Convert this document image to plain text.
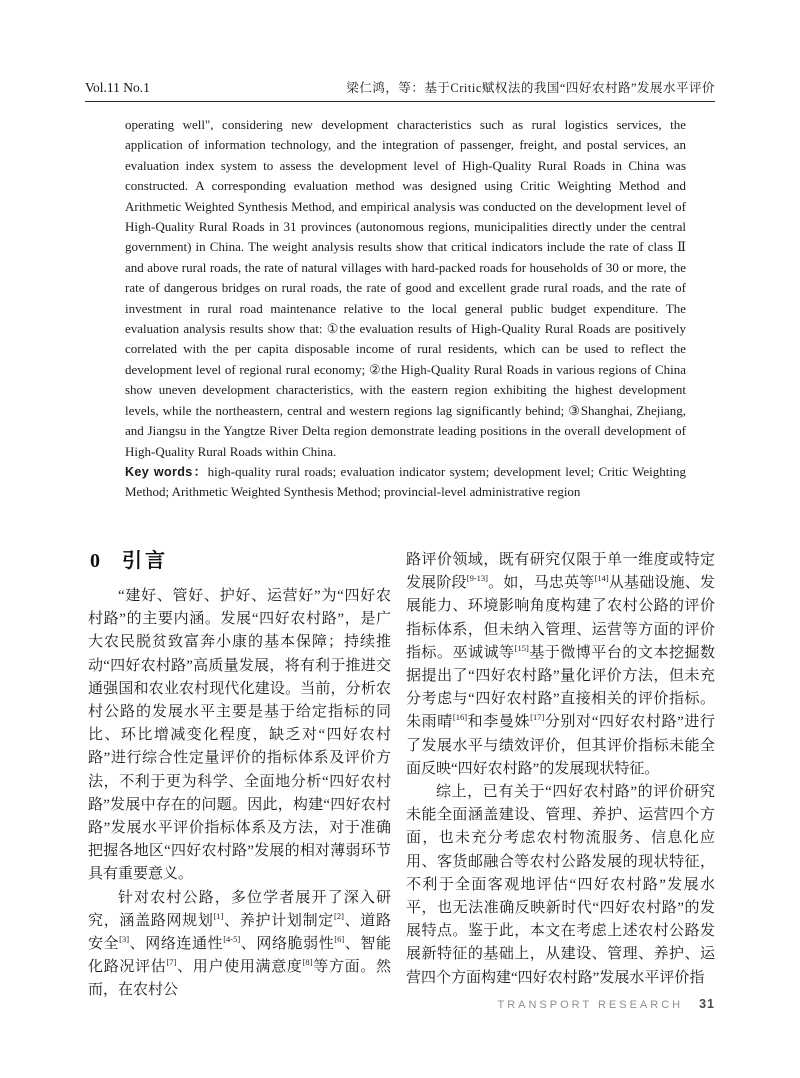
Vol.11 No.1	梁仁鸿，等：基于Critic赋权法的我国“四好农村路”发展水平评价

operating well", considering new development characteristics such as rural logistics services, the application of information technology, and the integration of passenger, freight, and postal services, an evaluation index system to assess the development level of High-Quality Rural Roads in China was constructed. A corresponding evaluation method was designed using Critic Weighting Method and Arithmetic Weighted Synthesis Method, and empirical analysis was conducted on the development level of High-Quality Rural Roads in 31 provinces (autonomous regions, municipalities directly under the central government) in China. The weight analysis results show that critical indicators include the rate of class Ⅱ and above rural roads, the rate of natural villages with hard-packed roads for households of 30 or more, the rate of dangerous bridges on rural roads, the rate of good and excellent grade rural roads, and the rate of investment in rural road maintenance relative to the local general public budget expenditure. The evaluation analysis results show that: ①the evaluation results of High-Quality Rural Roads are positively correlated with the per capita disposable income of rural residents, which can be used to reflect the development level of regional rural economy; ②the High-Quality Rural Roads in various regions of China show uneven development characteristics, with the eastern region exhibiting the highest development levels, while the northeastern, central and western regions lag significantly behind; ③Shanghai, Zhejiang, and Jiangsu in the Yangtze River Delta region demonstrate leading positions in the overall development of High-Quality Rural Roads within China.

Key words：high-quality rural roads; evaluation indicator system; development level; Critic Weighting Method; Arithmetic Weighted Synthesis Method; provincial-level administrative region

0 引言

“建好、管好、护好、运营好”为“四好农村路”的主要内涵。发展“四好农村路”，是广大农民脱贫致富奔小康的基本保障；持续推动“四好农村路”高质量发展，将有利于推进交通强国和农业农村现代化建设。当前，分析农村公路的发展水平主要是基于给定指标的同比、环比增减变化程度，缺乏对“四好农村路”进行综合性定量评价的指标体系及评价方法，不利于更为科学、全面地分析“四好农村路”发展中存在的问题。因此，构建“四好农村路”发展水平评价指标体系及方法，对于准确把握各地区“四好农村路”发展的相对薄弱环节具有重要意义。

针对农村公路，多位学者展开了深入研究，涵盖路网规划[1]、养护计划制定[2]、道路安全[3]、网络连通性[4-5]、网络脆弱性[6]、智能化路况评估[7]、用户使用满意度[8]等方面。然而，在农村公

路评价领域，既有研究仅限于单一维度或特定发展阶段[9-13]。如，马忠英等[14]从基础设施、发展能力、环境影响角度构建了农村公路的评价指标体系，但未纳入管理、运营等方面的评价指标。巫诚诚等[15]基于微博平台的文本挖掘数据提出了“四好农村路”量化评价方法，但未充分考虑与“四好农村路”直接相关的评价指标。朱雨晴[16]和李曼姝[17]分别对“四好农村路”进行了发展水平与绩效评价，但其评价指标未能全面反映“四好农村路”的发展现状特征。

综上，已有关于“四好农村路”的评价研究未能全面涵盖建设、管理、养护、运营四个方面，也未充分考虑农村物流服务、信息化应用、客货邮融合等农村公路发展的现状特征，不利于全面客观地评估“四好农村路”发展水平，也无法准确反映新时代“四好农村路”的发展特点。鉴于此，本文在考虑上述农村公路发展新特征的基础上，从建设、管理、养护、运营四个方面构建“四好农村路”发展水平评价指

TRANSPORT RESEARCH 31
